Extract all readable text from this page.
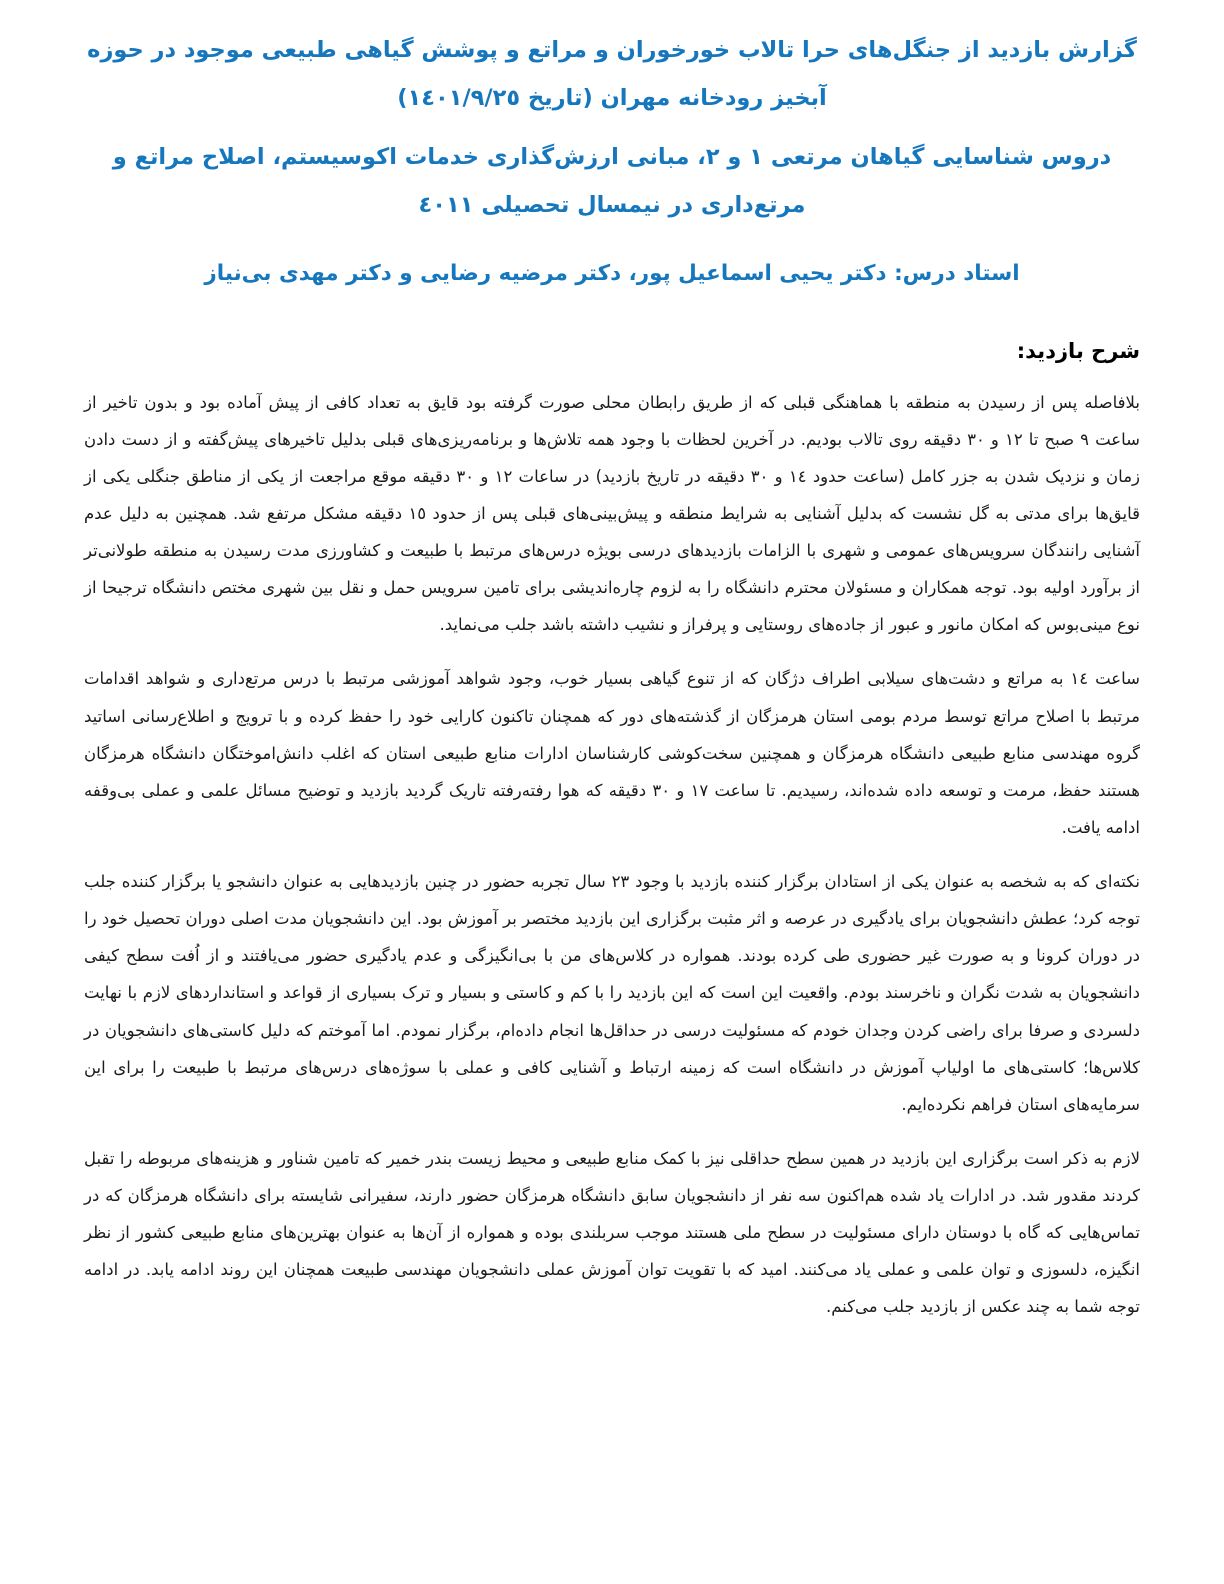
گزارش بازدید از جنگل‌های حرا تالاب خورخوران و مراتع و پوشش گیاهی طبیعی موجود در حوزه آبخیز رودخانه مهران (تاریخ ١٤٠١/٩/٢٥)
دروس شناسایی گیاهان مرتعی ١ و ٢، مبانی ارزش‌گذاری خدمات اکوسیستم، اصلاح مراتع و مرتع‌داری در نیمسال تحصیلی ٤٠١١
استاد درس: دکتر یحیی اسماعیل پور، دکتر مرضیه رضایی و دکتر مهدی بی‌نیاز
شرح بازدید:

بلافاصله پس از رسیدن به منطقه با هماهنگی قبلی که از طریق رابطان محلی صورت گرفته بود قایق به تعداد کافی از پیش آماده بود و بدون تاخیر از ساعت ٩ صبح تا ١٢ و ٣٠ دقیقه روی تالاب بودیم. در آخرین لحظات با وجود همه تلاش‌ها و برنامه‌ریزی‌های قبلی بدلیل تاخیرهای پیش‌گفته و از دست دادن زمان و نزدیک شدن به جزر کامل (ساعت حدود ١٤ و ٣٠ دقیقه در تاریخ بازدید) در ساعات ١٢ و ٣٠ دقیقه موقع مراجعت از یکی از مناطق جنگلی یکی از قایق‌ها برای مدتی به گل نشست که بدلیل آشنایی به شرایط منطقه و پیش‌بینی‌های قبلی پس از حدود ١٥ دقیقه مشکل مرتفع شد. همچنین به دلیل عدم آشنایی رانندگان سرویس‌های عمومی و شهری با الزامات بازدیدهای درسی بویژه درس‌های مرتبط با طبیعت و کشاورزی مدت رسیدن به منطقه طولانی‌تر از برآورد اولیه بود. توجه همکاران و مسئولان محترم دانشگاه را به لزوم چاره‌اندیشی برای تامین سرویس حمل و نقل بین شهری مختص دانشگاه ترجیحا از نوع مینی‌بوس که امکان مانور و عبور از جاده‌های روستایی و پرفراز و نشیب داشته باشد جلب می‌نماید.

ساعت ١٤ به مراتع و دشت‌های سیلابی اطراف دژگان که از تنوع گیاهی بسیار خوب، وجود شواهد آموزشی مرتبط با درس مرتع‌داری و شواهد اقدامات مرتبط با اصلاح مراتع توسط مردم بومی استان هرمزگان از گذشته‌های دور که همچنان تاکنون کارایی خود را حفظ کرده و با ترویج و اطلاع‌رسانی اساتید گروه مهندسی منابع طبیعی دانشگاه هرمزگان و همچنین سخت‌کوشی کارشناسان ادارات منابع طبیعی استان که اغلب دانش‌اموختگان دانشگاه هرمزگان هستند حفظ، مرمت و توسعه داده شده‌اند، رسیدیم. تا ساعت ١٧ و ٣٠ دقیقه که هوا رفته‌رفته تاریک گردید بازدید و توضیح مسائل علمی و عملی بی‌وقفه ادامه یافت.

نکته‌ای که به شخصه به عنوان یکی از استادان برگزار کننده بازدید با وجود ٢٣ سال تجربه حضور در چنین بازدیدهایی به عنوان دانشجو یا برگزار کننده جلب توجه کرد؛ عطش دانشجویان برای یادگیری در عرصه و اثر مثبت برگزاری این بازدید مختصر بر آموزش بود. این دانشجویان مدت اصلی دوران تحصیل خود را در دوران کرونا و به صورت غیر حضوری طی کرده بودند. همواره در کلاس‌های من با بی‌انگیزگی و عدم یادگیری حضور می‌یافتند و از اُفت سطح کیفی دانشجویان به شدت نگران و ناخرسند بودم. واقعیت این است که این بازدید را با کم و کاستی و بسیار و ترک بسیاری از قواعد و استانداردهای لازم با نهایت دلسردی و صرفا برای راضی کردن وجدان خودم که مسئولیت درسی در حداقل‌ها انجام داده‌ام، برگزار نمودم. اما آموختم که دلیل کاستی‌های دانشجویان در کلاس‌ها؛ کاستی‌های ما اولیاپ آموزش در دانشگاه است که زمینه ارتباط و آشنایی کافی و عملی با سوژه‌های درس‌های مرتبط با طبیعت را برای این سرمایه‌های استان فراهم نکرده‌ایم.

لازم به ذکر است برگزاری این بازدید در همین سطح حداقلی نیز با کمک منابع طبیعی و محیط زیست بندر خمیر که تامین شناور و هزینه‌های مربوطه را تقبل کردند مقدور شد. در ادارات یاد شده هم‌اکنون سه نفر از دانشجویان سابق دانشگاه هرمزگان حضور دارند، سفیرانی شایسته برای دانشگاه هرمزگان که در تماس‌هایی که گاه با دوستان دارای مسئولیت در سطح ملی هستند موجب سربلندی بوده و همواره از آن‌ها به عنوان بهترین‌های منابع طبیعی کشور از نظر انگیزه، دلسوزی و توان علمی و عملی یاد می‌کنند. امید که با تقویت توان آموزش عملی دانشجویان مهندسی طبیعت همچنان این روند ادامه یابد. در ادامه توجه شما به چند عکس از بازدید جلب می‌کنم.
